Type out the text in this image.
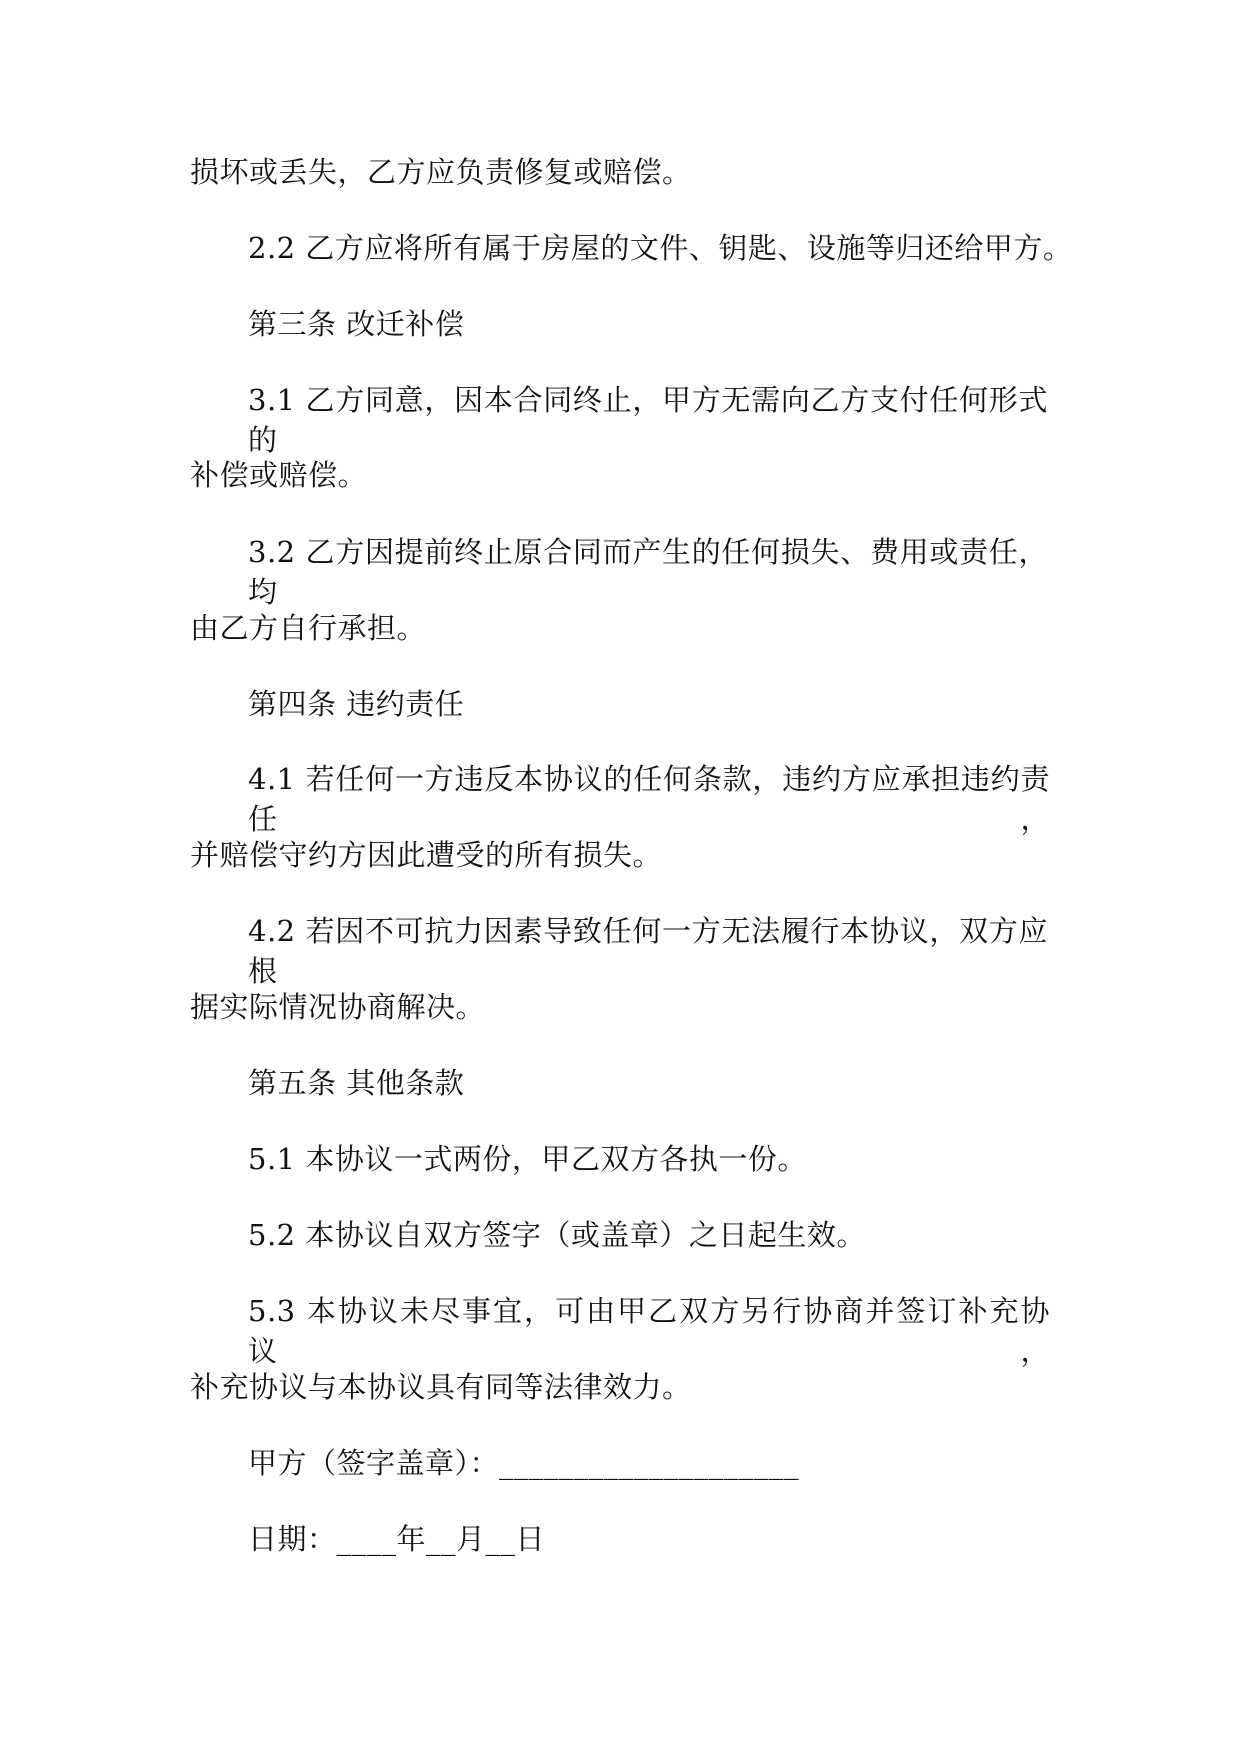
损坏或丢失，乙方应负责修复或赔偿。
2.2 乙方应将所有属于房屋的文件、钥匙、设施等归还给甲方。
第三条 改迁补偿
3.1 乙方同意，因本合同终止，甲方无需向乙方支付任何形式的
补偿或赔偿。
3.2 乙方因提前终止原合同而产生的任何损失、费用或责任，均
由乙方自行承担。
第四条 违约责任
4.1 若任何一方违反本协议的任何条款，违约方应承担违约责任，
并赔偿守约方因此遭受的所有损失。
4.2 若因不可抗力因素导致任何一方无法履行本协议，双方应根
据实际情况协商解决。
第五条 其他条款
5.1 本协议一式两份，甲乙双方各执一份。
5.2 本协议自双方签字（或盖章）之日起生效。
5.3 本协议未尽事宜，可由甲乙双方另行协商并签订补充协议，
补充协议与本协议具有同等法律效力。
甲方（签字盖章）：____________________
日期：____年__月__日
